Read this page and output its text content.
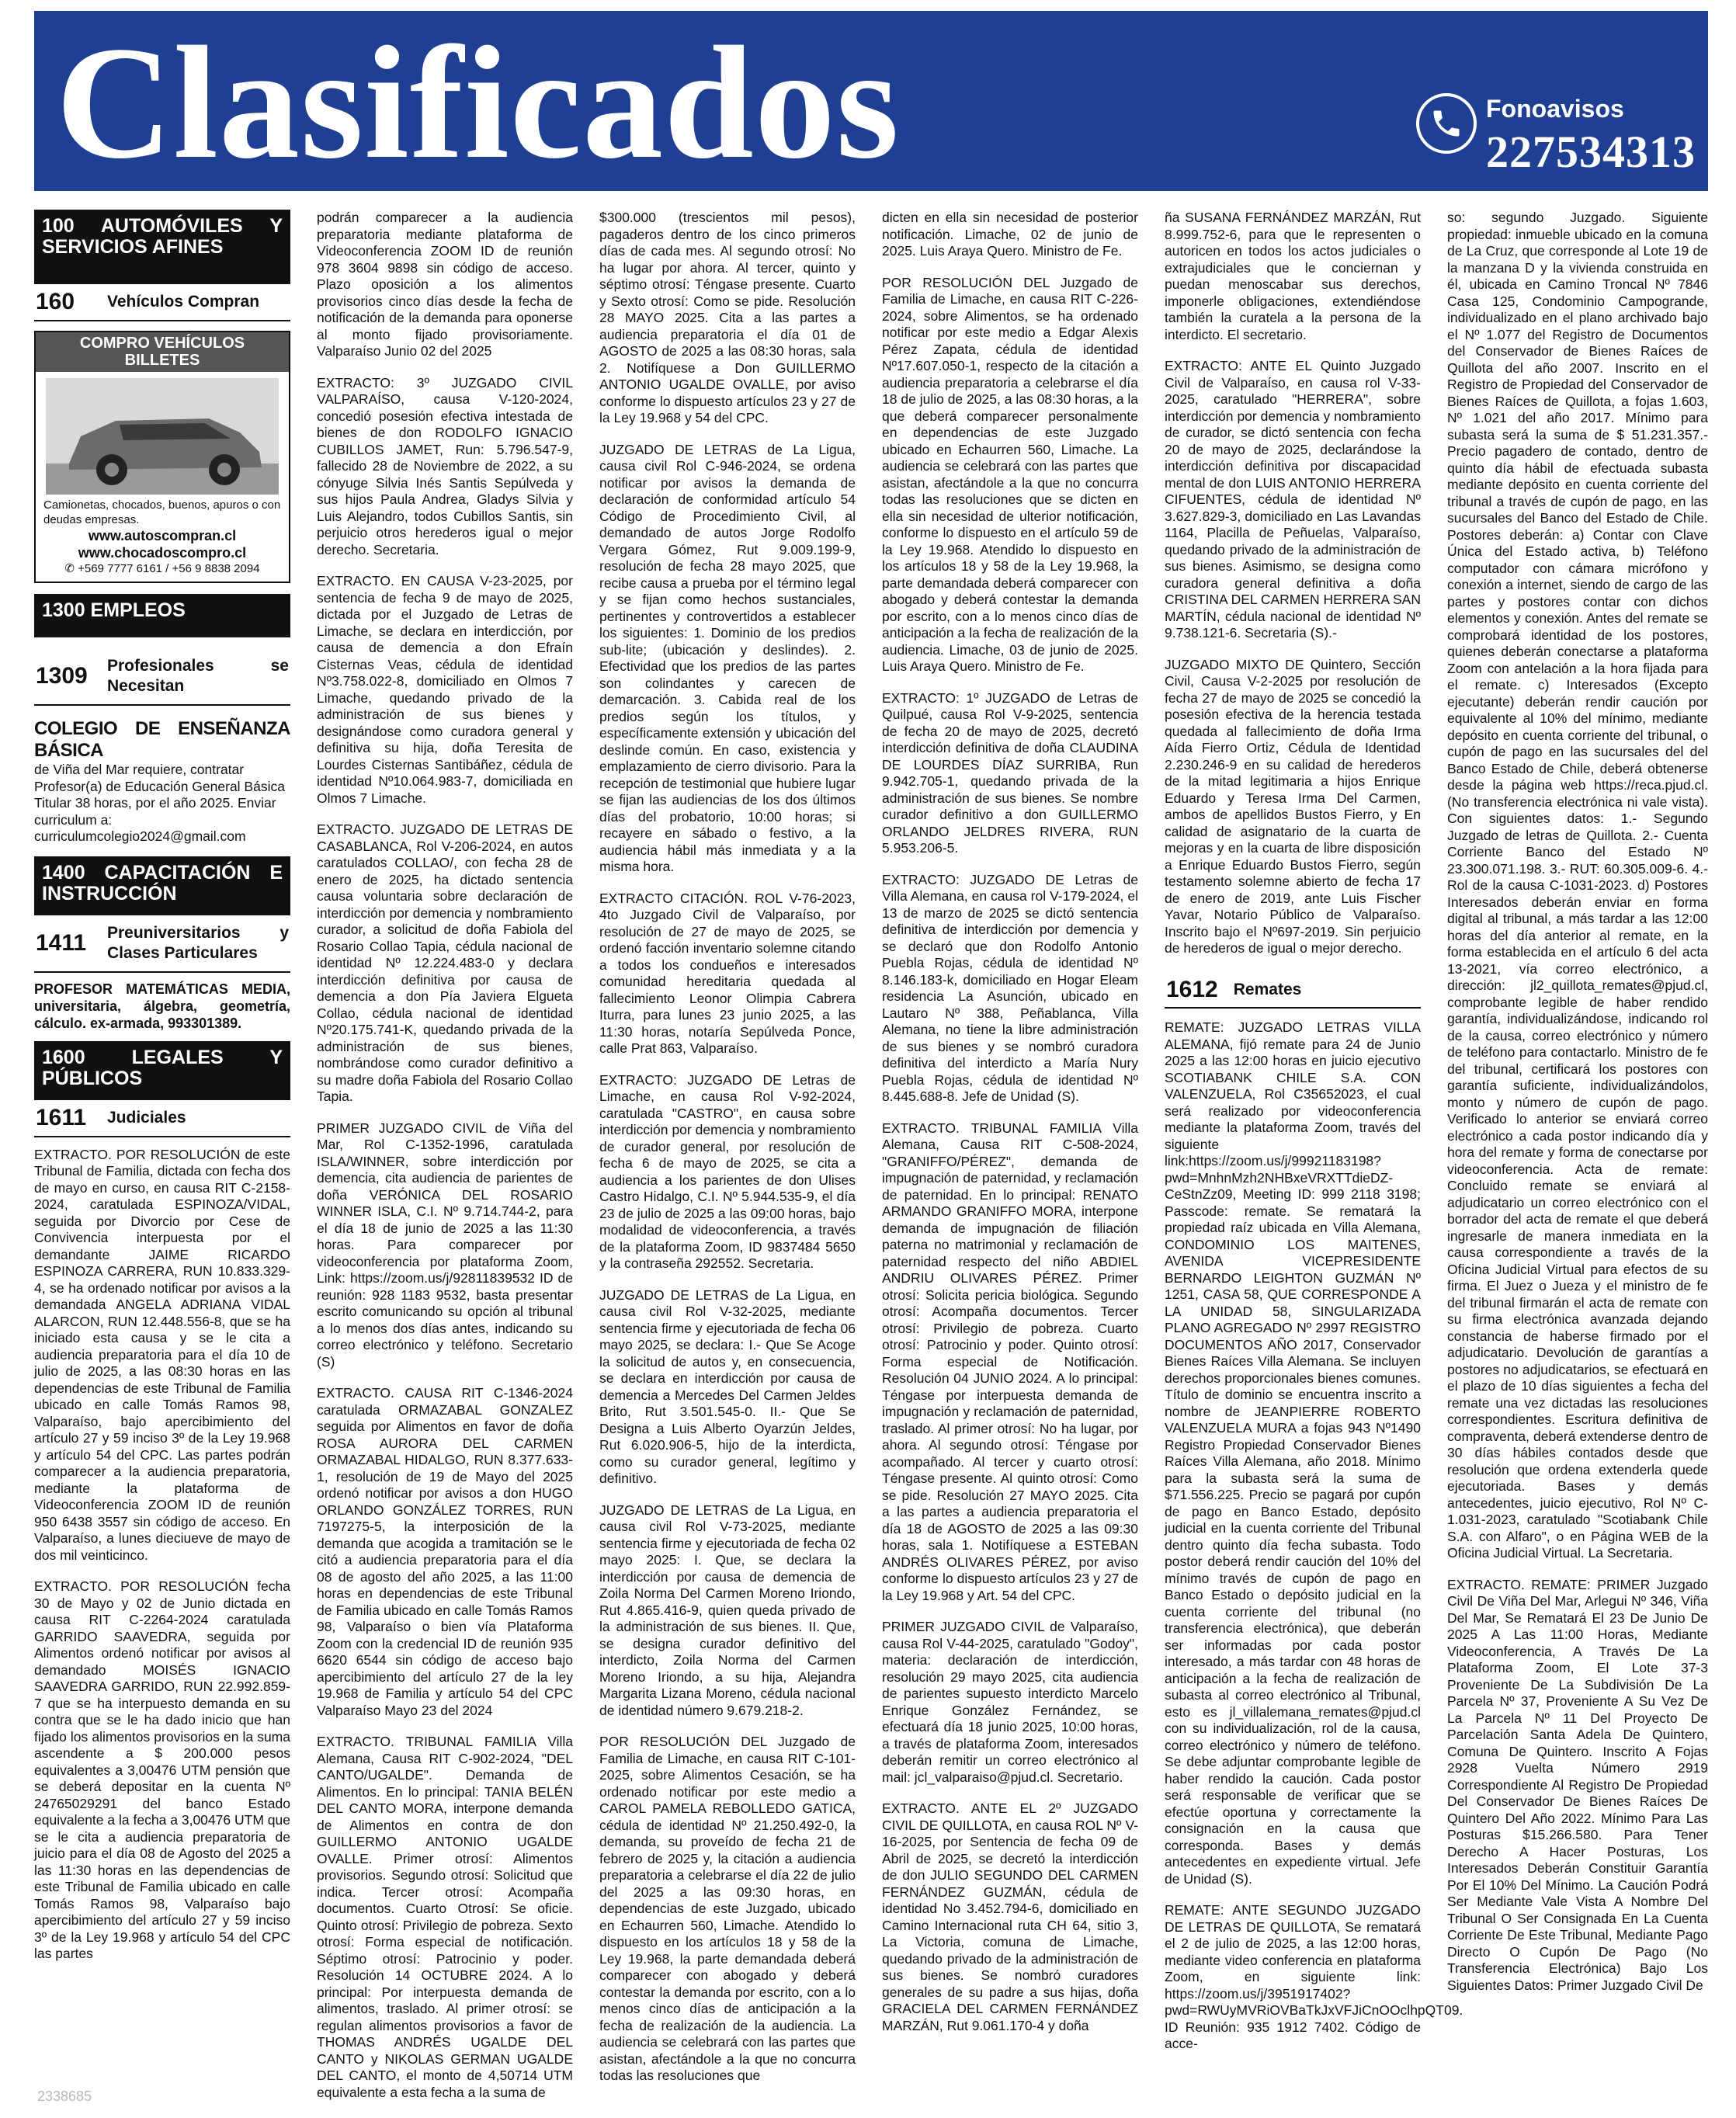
Clasificados	Fonoavisos
227534313
100 AUTOMÓVILES Y SERVICIOS AFINES
160	Vehículos Compran
COMPRO VEHÍCULOS BILLETES
Camionetas, chocados, buenos, apuros o con deudas empresas.
www.autoscompran.cl
www.chocadoscompro.cl
✆ +569 7777 6161 / +56 9 8838 2094
1300 EMPLEOS
1309 Profesionales se Necesitan
COLEGIO DE ENSEÑANZA BÁSICA
de Viña del Mar requiere, contratar Profesor(a) de Educación General Básica Titular 38 horas, por el año 2025. Enviar curriculum a: curriculumcolegio2024@gmail.com
1400 CAPACITACIÓN E INSTRUCCIÓN
1411	Preuniversitarios y Clases Particulares
PROFESOR MATEMÁTICAS MEDIA, universitaria, álgebra, geometría, cálculo. ex-armada, 993301389.
1600 LEGALES Y PÚBLICOS
1611	Judiciales

EXTRACTO. POR RESOLUCIÓN de este Tribunal de Familia, dictada con fecha dos de mayo en curso, en causa RIT C-2158-2024, caratulada ESPINOZA/VIDAL, seguida por Divorcio por Cese de Convivencia interpuesta por el demandante JAIME RICARDO ESPINOZA CARRERA, RUN 10.833.329-4, se ha ordenado notificar por avisos a la demandada ANGELA ADRIANA VIDAL ALARCON, RUN 12.448.556-8, que se ha iniciado esta causa y se le cita a audiencia preparatoria para el día 10 de julio de 2025, a las 08:30 horas en las dependencias de este Tribunal de Familia ubicado en calle Tomás Ramos 98, Valparaíso, bajo apercibimiento del artículo 27 y 59 inciso 3º de la Ley 19.968 y artículo 54 del CPC. Las partes podrán comparecer a la audiencia preparatoria, mediante la plataforma de Videoconferencia ZOOM ID de reunión 950 6438 3557 sin código de acceso. En Valparaíso, a lunes dieciueve de mayo de dos mil veinticinco.

EXTRACTO. POR RESOLUCIÓN fecha 30 de Mayo y 02 de Junio dictada en causa RIT C-2264-2024 caratulada GARRIDO SAAVEDRA, seguida por Alimentos ordenó notificar por avisos al demandado MOISÉS IGNACIO SAAVEDRA GARRIDO, RUN 22.992.859-7 que se ha interpuesto demanda en su contra que se le ha dado inicio que han fijado los alimentos provisorios en la suma ascendente a $ 200.000 pesos equivalentes a 3,00476 UTM pensión que se deberá depositar en la cuenta Nº 24765029291 del banco Estado equivalente a la fecha a 3,00476 UTM que se le cita a audiencia preparatoria de juicio para el día 08 de Agosto del 2025 a las 11:30 horas en las dependencias de este Tribunal de Familia ubicado en calle Tomás Ramos 98, Valparaíso bajo apercibimiento del artículo 27 y 59 inciso 3º de la Ley 19.968 y artículo 54 del CPC las partes

podrán comparecer a la audiencia preparatoria mediante plataforma de Videoconferencia ZOOM ID de reunión 978 3604 9898 sin código de acceso. Plazo oposición a los alimentos provisorios cinco días desde la fecha de notificación de la demanda para oponerse al monto fijado provisoriamente. Valparaíso Junio 02 del 2025

EXTRACTO: 3º JUZGADO CIVIL VALPARAÍSO, causa V-120-2024, concedió posesión efectiva intestada de bienes de don RODOLFO IGNACIO CUBILLOS JAMET, Run: 5.796.547-9, fallecido 28 de Noviembre de 2022, a su cónyuge Silvia Inés Santis Sepúlveda y sus hijos Paula Andrea, Gladys Silvia y Luis Alejandro, todos Cubillos Santis, sin perjuicio otros herederos igual o mejor derecho. Secretaria.

EXTRACTO. EN CAUSA V-23-2025, por sentencia de fecha 9 de mayo de 2025, dictada por el Juzgado de Letras de Limache, se declara en interdicción, por causa de demencia a don Efraín Cisternas Veas, cédula de identidad Nº3.758.022-8, domiciliado en Olmos 7 Limache, quedando privado de la administración de sus bienes y designándose como curadora general y definitiva su hija, doña Teresita de Lourdes Cisternas Santibáñez, cédula de identidad Nº10.064.983-7, domiciliada en Olmos 7 Limache.

EXTRACTO. JUZGADO DE LETRAS DE CASABLANCA, Rol V-206-2024, en autos caratulados COLLAO/, con fecha 28 de enero de 2025, ha dictado sentencia causa voluntaria sobre declaración de interdicción por demencia y nombramiento curador, a solicitud de doña Fabiola del Rosario Collao Tapia, cédula nacional de identidad Nº 12.224.483-0 y declara interdicción definitiva por causa de demencia a don Pía Javiera Elgueta Collao, cédula nacional de identidad Nº20.175.741-K, quedando privada de la administración de sus bienes, nombrándose como curador definitivo a su madre doña Fabiola del Rosario Collao Tapia.

PRIMER JUZGADO CIVIL de Viña del Mar, Rol C-1352-1996, caratulada ISLA/WINNER, sobre interdicción por demencia, cita audiencia de parientes de doña VERÓNICA DEL ROSARIO WINNER ISLA, C.I. Nº 9.714.744-2, para el día 18 de junio de 2025 a las 11:30 horas. Para comparecer por videoconferencia por plataforma Zoom, Link: https://zoom.us/j/92811839532 ID de reunión: 928 1183 9532, basta presentar escrito comunicando su opción al tribunal a lo menos dos días antes, indicando su correo electrónico y teléfono. Secretario (S)

EXTRACTO. CAUSA RIT C-1346-2024 caratulada ORMAZABAL GONZALEZ seguida por Alimentos en favor de doña ROSA AURORA DEL CARMEN ORMAZABAL HIDALGO, RUN 8.377.633-1, resolución de 19 de Mayo del 2025 ordenó notificar por avisos a don HUGO ORLANDO GONZÁLEZ TORRES, RUN 7197275-5, la interposición de la demanda que acogida a tramitación se le citó a audiencia preparatoria para el día 08 de agosto del año 2025, a las 11:00 horas en dependencias de este Tribunal de Familia ubicado en calle Tomás Ramos 98, Valparaíso o bien vía Plataforma Zoom con la credencial ID de reunión 935 6620 6544 sin código de acceso bajo apercibimiento del artículo 27 de la ley 19.968 de Familia y artículo 54 del CPC Valparaíso Mayo 23 del 2024

EXTRACTO. TRIBUNAL FAMILIA Villa Alemana, Causa RIT C-902-2024, "DEL CANTO/UGALDE". Demanda de Alimentos. En lo principal: TANIA BELÉN DEL CANTO MORA, interpone demanda de Alimentos en contra de don GUILLERMO ANTONIO UGALDE OVALLE. Primer otrosí: Alimentos provisorios. Segundo otrosí: Solicitud que indica. Tercer otrosí: Acompaña documentos. Cuarto Otrosí: Se oficie. Quinto otrosí: Privilegio de pobreza. Sexto otrosí: Forma especial de notificación. Séptimo otrosí: Patrocinio y poder. Resolución 14 OCTUBRE 2024. A lo principal: Por interpuesta demanda de alimentos, traslado. Al primer otrosí: se regulan alimentos provisorios a favor de THOMAS ANDRÉS UGALDE DEL CANTO y NIKOLAS GERMAN UGALDE DEL CANTO, el monto de 4,50714 UTM equivalente a esta fecha a la suma de

$300.000 (trescientos mil pesos), pagaderos dentro de los cinco primeros días de cada mes. Al segundo otrosí: No ha lugar por ahora. Al tercer, quinto y séptimo otrosí: Téngase presente. Cuarto y Sexto otrosí: Como se pide. Resolución 28 MAYO 2025. Cita a las partes a audiencia preparatoria el día 01 de AGOSTO de 2025 a las 08:30 horas, sala 2. Notifíquese a Don GUILLERMO ANTONIO UGALDE OVALLE, por aviso conforme lo dispuesto artículos 23 y 27 de la Ley 19.968 y 54 del CPC.

JUZGADO DE LETRAS de La Ligua, causa civil Rol C-946-2024, se ordena notificar por avisos la demanda de declaración de conformidad artículo 54 Código de Procedimiento Civil, al demandado de autos Jorge Rodolfo Vergara Gómez, Rut 9.009.199-9, resolución de fecha 28 mayo 2025, que recibe causa a prueba por el término legal y se fijan como hechos sustanciales, pertinentes y controvertidos a establecer los siguientes: 1. Dominio de los predios sub-lite; (ubicación y deslindes). 2. Efectividad que los predios de las partes son colindantes y carecen de demarcación. 3. Cabida real de los predios según los títulos, y específicamente extensión y ubicación del deslinde común. En caso, existencia y emplazamiento de cierro divisorio. Para la recepción de testimonial que hubiere lugar se fijan las audiencias de los dos últimos días del probatorio, 10:00 horas; si recayere en sábado o festivo, a la audiencia hábil más inmediata y a la misma hora.

EXTRACTO CITACIÓN. ROL V-76-2023, 4to Juzgado Civil de Valparaíso, por resolución de 27 de mayo de 2025, se ordenó facción inventario solemne citando a todos los condueños e interesados comunidad hereditaria quedada al fallecimiento Leonor Olimpia Cabrera Iturra, para lunes 23 junio 2025, a las 11:30 horas, notaría Sepúlveda Ponce, calle Prat 863, Valparaíso.

EXTRACTO: JUZGADO DE Letras de Limache, en causa Rol V-92-2024, caratulada "CASTRO", en causa sobre interdicción por demencia y nombramiento de curador general, por resolución de fecha 6 de mayo de 2025, se cita a audiencia a los parientes de don Ulises Castro Hidalgo, C.I. Nº 5.944.535-9, el día 23 de julio de 2025 a las 09:00 horas, bajo modalidad de videoconferencia, a través de la plataforma Zoom, ID 9837484 5650 y la contraseña 292552. Secretaria.

JUZGADO DE LETRAS de La Ligua, en causa civil Rol V-32-2025, mediante sentencia firme y ejecutoriada de fecha 06 mayo 2025, se declara: I.- Que Se Acoge la solicitud de autos y, en consecuencia, se declara en interdicción por causa de demencia a Mercedes Del Carmen Jeldes Brito, Rut 3.501.545-0. II.- Que Se Designa a Luis Alberto Oyarzún Jeldes, Rut 6.020.906-5, hijo de la interdicta, como su curador general, legítimo y definitivo.

JUZGADO DE LETRAS de La Ligua, en causa civil Rol V-73-2025, mediante sentencia firme y ejecutoriada de fecha 02 mayo 2025: I. Que, se declara la interdicción por causa de demencia de Zoila Norma Del Carmen Moreno Iriondo, Rut 4.865.416-9, quien queda privado de la administración de sus bienes. II. Que, se designa curador definitivo del interdicto, Zoila Norma del Carmen Moreno Iriondo, a su hija, Alejandra Margarita Lizana Moreno, cédula nacional de identidad número 9.679.218-2.

POR RESOLUCIÓN DEL Juzgado de Familia de Limache, en causa RIT C-101-2025, sobre Alimentos Cesación, se ha ordenado notificar por este medio a CAROL PAMELA REBOLLEDO GATICA, cédula de identidad Nº 21.250.492-0, la demanda, su proveído de fecha 21 de febrero de 2025 y, la citación a audiencia preparatoria a celebrarse el día 22 de julio del 2025 a las 09:30 horas, en dependencias de este Juzgado, ubicado en Echaurren 560, Limache. Atendido lo dispuesto en los artículos 18 y 58 de la Ley 19.968, la parte demandada deberá comparecer con abogado y deberá contestar la demanda por escrito, con a lo menos cinco días de anticipación a la fecha de realización de la audiencia. La audiencia se celebrará con las partes que asistan, afectándole a la que no concurra todas las resoluciones que

dicten en ella sin necesidad de posterior notificación. Limache, 02 de junio de 2025. Luis Araya Quero. Ministro de Fe.

POR RESOLUCIÓN DEL Juzgado de Familia de Limache, en causa RIT C-226-2024, sobre Alimentos, se ha ordenado notificar por este medio a Edgar Alexis Pérez Zapata, cédula de identidad Nº17.607.050-1, respecto de la citación a audiencia preparatoria a celebrarse el día 18 de julio de 2025, a las 08:30 horas, a la que deberá comparecer personalmente en dependencias de este Juzgado ubicado en Echaurren 560, Limache. La audiencia se celebrará con las partes que asistan, afectándole a la que no concurra todas las resoluciones que se dicten en ella sin necesidad de ulterior notificación, conforme lo dispuesto en el artículo 59 de la Ley 19.968. Atendido lo dispuesto en los artículos 18 y 58 de la Ley 19.968, la parte demandada deberá comparecer con abogado y deberá contestar la demanda por escrito, con a lo menos cinco días de anticipación a la fecha de realización de la audiencia. Limache, 03 de junio de 2025. Luis Araya Quero. Ministro de Fe.

EXTRACTO: 1º JUZGADO de Letras de Quilpué, causa Rol V-9-2025, sentencia de fecha 20 de mayo de 2025, decretó interdicción definitiva de doña CLAUDINA DE LOURDES DÍAZ SURRIBA, Run 9.942.705-1, quedando privada de la administración de sus bienes. Se nombre curador definitivo a don GUILLERMO ORLANDO JELDRES RIVERA, RUN 5.953.206-5.

EXTRACTO: JUZGADO DE Letras de Villa Alemana, en causa rol V-179-2024, el 13 de marzo de 2025 se dictó sentencia definitiva de interdicción por demencia y se declaró que don Rodolfo Antonio Puebla Rojas, cédula de identidad Nº 8.146.183-k, domiciliado en Hogar Eleam residencia La Asunción, ubicado en Lautaro Nº 388, Peñablanca, Villa Alemana, no tiene la libre administración de sus bienes y se nombró curadora definitiva del interdicto a María Nury Puebla Rojas, cédula de identidad Nº 8.445.688-8. Jefe de Unidad (S).

EXTRACTO. TRIBUNAL FAMILIA Villa Alemana, Causa RIT C-508-2024, "GRANIFFO/PÉREZ", demanda de impugnación de paternidad, y reclamación de paternidad. En lo principal: RENATO ARMANDO GRANIFFO MORA, interpone demanda de impugnación de filiación paterna no matrimonial y reclamación de paternidad respecto del niño ABDIEL ANDRIU OLIVARES PÉREZ. Primer otrosí: Solicita pericia biológica. Segundo otrosí: Acompaña documentos. Tercer otrosí: Privilegio de pobreza. Cuarto otrosí: Patrocinio y poder. Quinto otrosí: Forma especial de Notificación. Resolución 04 JUNIO 2024. A lo principal: Téngase por interpuesta demanda de impugnación y reclamación de paternidad, traslado. Al primer otrosí: No ha lugar, por ahora. Al segundo otrosí: Téngase por acompañado. Al tercer y cuarto otrosí: Téngase presente. Al quinto otrosí: Como se pide. Resolución 27 MAYO 2025. Cita a las partes a audiencia preparatoria el día 18 de AGOSTO de 2025 a las 09:30 horas, sala 1. Notifíquese a ESTEBAN ANDRÉS OLIVARES PÉREZ, por aviso conforme lo dispuesto artículos 23 y 27 de la Ley 19.968 y Art. 54 del CPC.

PRIMER JUZGADO CIVIL de Valparaíso, causa Rol V-44-2025, caratulado "Godoy", materia: declaración de interdicción, resolución 29 mayo 2025, cita audiencia de parientes supuesto interdicto Marcelo Enrique González Fernández, se efectuará día 18 junio 2025, 10:00 horas, a través de plataforma Zoom, interesados deberán remitir un correo electrónico al mail: jcl_valparaiso@pjud.cl. Secretario.

EXTRACTO. ANTE EL 2º JUZGADO CIVIL DE QUILLOTA, en causa ROL Nº V-16-2025, por Sentencia de fecha 09 de Abril de 2025, se decretó la interdicción de don JULIO SEGUNDO DEL CARMEN FERNÁNDEZ GUZMÁN, cédula de identidad No 3.452.794-6, domiciliado en Camino Internacional ruta CH 64, sitio 3, La Victoria, comuna de Limache, quedando privado de la administración de sus bienes. Se nombró curadores generales de su padre a sus hijas, doña GRACIELA DEL CARMEN FERNÁNDEZ MARZÁN, Rut 9.061.170-4 y doña

ña SUSANA FERNÁNDEZ MARZÁN, Rut 8.999.752-6, para que le representen o autoricen en todos los actos judiciales o extrajudiciales que le conciernan y puedan menoscabar sus derechos, imponerle obligaciones, extendiéndose también la curatela a la persona de la interdicto. El secretario.

EXTRACTO: ANTE EL Quinto Juzgado Civil de Valparaíso, en causa rol V-33-2025, caratulado "HERRERA", sobre interdicción por demencia y nombramiento de curador, se dictó sentencia con fecha 20 de mayo de 2025, declarándose la interdicción definitiva por discapacidad mental de don LUIS ANTONIO HERRERA CIFUENTES, cédula de identidad Nº 3.627.829-3, domiciliado en Las Lavandas 1164, Placilla de Peñuelas, Valparaíso, quedando privado de la administración de sus bienes. Asimismo, se designa como curadora general definitiva a doña CRISTINA DEL CARMEN HERRERA SAN MARTÍN, cédula nacional de identidad Nº 9.738.121-6. Secretaria (S).-

JUZGADO MIXTO DE Quintero, Sección Civil, Causa V-2-2025 por resolución de fecha 27 de mayo de 2025 se concedió la posesión efectiva de la herencia testada quedada al fallecimiento de doña Irma Aída Fierro Ortiz, Cédula de Identidad 2.230.246-9 en su calidad de herederos de la mitad legitimaria a hijos Enrique Eduardo y Teresa Irma Del Carmen, ambos de apellidos Bustos Fierro, y En calidad de asignatario de la cuarta de mejoras y en la cuarta de libre disposición a Enrique Eduardo Bustos Fierro, según testamento solemne abierto de fecha 17 de enero de 2019, ante Luis Fischer Yavar, Notario Público de Valparaíso. Inscrito bajo el Nº697-2019. Sin perjuicio de herederos de igual o mejor derecho.

1612 Remates

REMATE: JUZGADO LETRAS VILLA ALEMANA, fijó remate para 24 de Junio 2025 a las 12:00 horas en juicio ejecutivo SCOTIABANK CHILE S.A. CON VALENZUELA, Rol C35652023, el cual será realizado por videoconferencia mediante la plataforma Zoom, través del siguiente link:https://zoom.us/j/99921183198?pwd=MnhnMzh2NHBxeVRXTTdieDZ-CeStnZz09, Meeting ID: 999 2118 3198; Passcode: remate. Se rematará la propiedad raíz ubicada en Villa Alemana, CONDOMINIO LOS MAITENES, AVENIDA VICEPRESIDENTE BERNARDO LEIGHTON GUZMÁN Nº 1251, CASA 58, QUE CORRESPONDE A LA UNIDAD 58, SINGULARIZADA PLANO AGREGADO Nº 2997 REGISTRO DOCUMENTOS AÑO 2017, Conservador Bienes Raíces Villa Alemana. Se incluyen derechos proporcionales bienes comunes. Título de dominio se encuentra inscrito a nombre de JEANPIERRE ROBERTO VALENZUELA MURA a fojas 943 Nº1490 Registro Propiedad Conservador Bienes Raíces Villa Alemana, año 2018. Mínimo para la subasta será la suma de $71.556.225. Precio se pagará por cupón de pago en Banco Estado, depósito judicial en la cuenta corriente del Tribunal dentro quinto día fecha subasta. Todo postor deberá rendir caución del 10% del mínimo través de cupón de pago en Banco Estado o depósito judicial en la cuenta corriente del tribunal (no transferencia electrónica), que deberán ser informadas por cada postor interesado, a más tardar con 48 horas de anticipación a la fecha de realización de subasta al correo electrónico al Tribunal, esto es jl_villalemana_remates@pjud.cl con su individualización, rol de la causa, correo electrónico y número de teléfono. Se debe adjuntar comprobante legible de haber rendido la caución. Cada postor será responsable de verificar que se efectúe oportuna y correctamente la consignación en la causa que corresponda. Bases y demás antecedentes en expediente virtual. Jefe de Unidad (S).

REMATE: ANTE SEGUNDO JUZGADO DE LETRAS DE QUILLOTA, Se rematará el 2 de julio de 2025, a las 12:00 horas, mediante video conferencia en plataforma Zoom, en siguiente link: https://zoom.us/j/3951917402?pwd=RWUyMVRiOVBaTkJxVFJiCnOOclhpQT09. ID Reunión: 935 1912 7402. Código de acce-

so: segundo Juzgado. Siguiente propiedad: inmueble ubicado en la comuna de La Cruz, que corresponde al Lote 19 de la manzana D y la vivienda construida en él, ubicada en Camino Troncal Nº 7846 Casa 125, Condominio Campogrande, individualizado en el plano archivado bajo el Nº 1.077 del Registro de Documentos del Conservador de Bienes Raíces de Quillota del año 2007. Inscrito en el Registro de Propiedad del Conservador de Bienes Raíces de Quillota, a fojas 1.603, Nº 1.021 del año 2017. Mínimo para subasta será la suma de $ 51.231.357.- Precio pagadero de contado, dentro de quinto día hábil de efectuada subasta mediante depósito en cuenta corriente del tribunal a través de cupón de pago, en las sucursales del Banco del Estado de Chile. Postores deberán: a) Contar con Clave Única del Estado activa, b) Teléfono computador con cámara micrófono y conexión a internet, siendo de cargo de las partes y postores contar con dichos elementos y conexión. Antes del remate se comprobará identidad de los postores, quienes deberán conectarse a plataforma Zoom con antelación a la hora fijada para el remate. c) Interesados (Excepto ejecutante) deberán rendir caución por equivalente al 10% del mínimo, mediante depósito en cuenta corriente del tribunal, o cupón de pago en las sucursales del del Banco Estado de Chile, deberá obtenerse desde la página web https://reca.pjud.cl. (No transferencia electrónica ni vale vista). Con siguientes datos: 1.- Segundo Juzgado de letras de Quillota. 2.- Cuenta Corriente Banco del Estado Nº 23.300.071.198. 3.- RUT: 60.305.009-6. 4.- Rol de la causa C-1031-2023. d) Postores Interesados deberán enviar en forma digital al tribunal, a más tardar a las 12:00 horas del día anterior al remate, en la forma establecida en el artículo 6 del acta 13-2021, vía correo electrónico, a dirección: jl2_quillota_remates@pjud.cl, comprobante legible de haber rendido garantía, individualizándose, indicando rol de la causa, correo electrónico y número de teléfono para contactarlo. Ministro de fe del tribunal, certificará los postores con garantía suficiente, individualizándolos, monto y número de cupón de pago. Verificado lo anterior se enviará correo electrónico a cada postor indicando día y hora del remate y forma de conectarse por videoconferencia. Acta de remate: Concluido remate se enviará al adjudicatario un correo electrónico con el borrador del acta de remate el que deberá ingresarle de manera inmediata en la causa correspondiente a través de la Oficina Judicial Virtual para efectos de su firma. El Juez o Jueza y el ministro de fe del tribunal firmarán el acta de remate con su firma electrónica avanzada dejando constancia de haberse firmado por el adjudicatario. Devolución de garantías a postores no adjudicatarios, se efectuará en el plazo de 10 días siguientes a fecha del remate una vez dictadas las resoluciones correspondientes. Escritura definitiva de compraventa, deberá extenderse dentro de 30 días hábiles contados desde que resolución que ordena extenderla quede ejecutoriada. Bases y demás antecedentes, juicio ejecutivo, Rol Nº C-1.031-2023, caratulado "Scotiabank Chile S.A. con Alfaro", o en Página WEB de la Oficina Judicial Virtual. La Secretaria.

EXTRACTO. REMATE: PRIMER Juzgado Civil De Viña Del Mar, Arlegui Nº 346, Viña Del Mar, Se Rematará El 23 De Junio De 2025 A Las 11:00 Horas, Mediante Videoconferencia, A Través De La Plataforma Zoom, El Lote 37-3 Proveniente De La Subdivisión De La Parcela Nº 37, Proveniente A Su Vez De La Parcela Nº 11 Del Proyecto De Parcelación Santa Adela De Quintero, Comuna De Quintero. Inscrito A Fojas 2928 Vuelta Número 2919 Correspondiente Al Registro De Propiedad Del Conservador De Bienes Raíces De Quintero Del Año 2022. Mínimo Para Las Posturas $15.266.580. Para Tener Derecho A Hacer Posturas, Los Interesados Deberán Constituir Garantía Por El 10% Del Mínimo. La Caución Podrá Ser Mediante Vale Vista A Nombre Del Tribunal O Ser Consignada En La Cuenta Corriente De Este Tribunal, Mediante Pago Directo O Cupón De Pago (No Transferencia Electrónica) Bajo Los Siguientes Datos: Primer Juzgado Civil De

2338685
